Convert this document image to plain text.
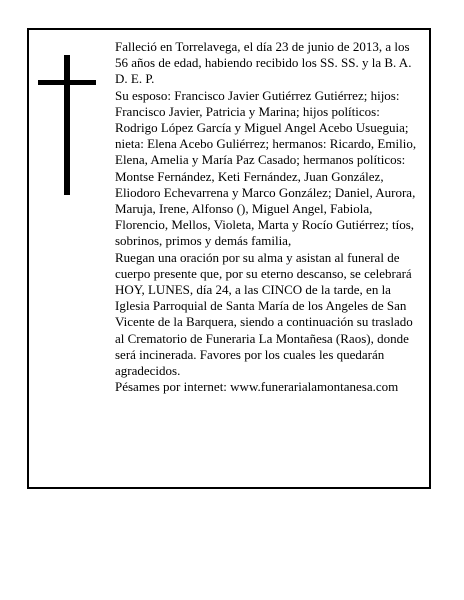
Falleció en Torrelavega, el día 23 de junio de 2013, a los 56 años de edad, habiendo recibido los SS. SS. y la B. A.

D. E. P.

Su esposo: Francisco Javier Gutiérrez Gutiérrez; hijos: Francisco Javier, Patricia y Marina; hijos políticos: Rodrigo López García y Miguel Angel Acebo Usueguia; nieta: Elena Acebo Guliérrez; hermanos: Ricardo, Emilio, Elena, Amelia y María Paz Casado; hermanos políticos: Montse Fernández, Keti Fernández, Juan González, Eliodoro Echevarrena y Marco González; Daniel, Aurora, Maruja, Irene, Alfonso (), Miguel Angel, Fabiola, Florencio, Mellos, Violeta, Marta y Rocío Gutiérrez; tíos, sobrinos, primos y demás familia,

Ruegan una oración por su alma y asistan al funeral de cuerpo presente que, por su eterno descanso, se celebrará HOY, LUNES, día 24, a las CINCO de la tarde, en la Iglesia Parroquial de Santa María de los Angeles de San Vicente de la Barquera, siendo a continuación su traslado al Crematorio de Funeraria La Montañesa (Raos), donde será incinerada. Favores por los cuales les quedarán agradecidos.

Pésames por internet: www.funerarialamontanesa.com
